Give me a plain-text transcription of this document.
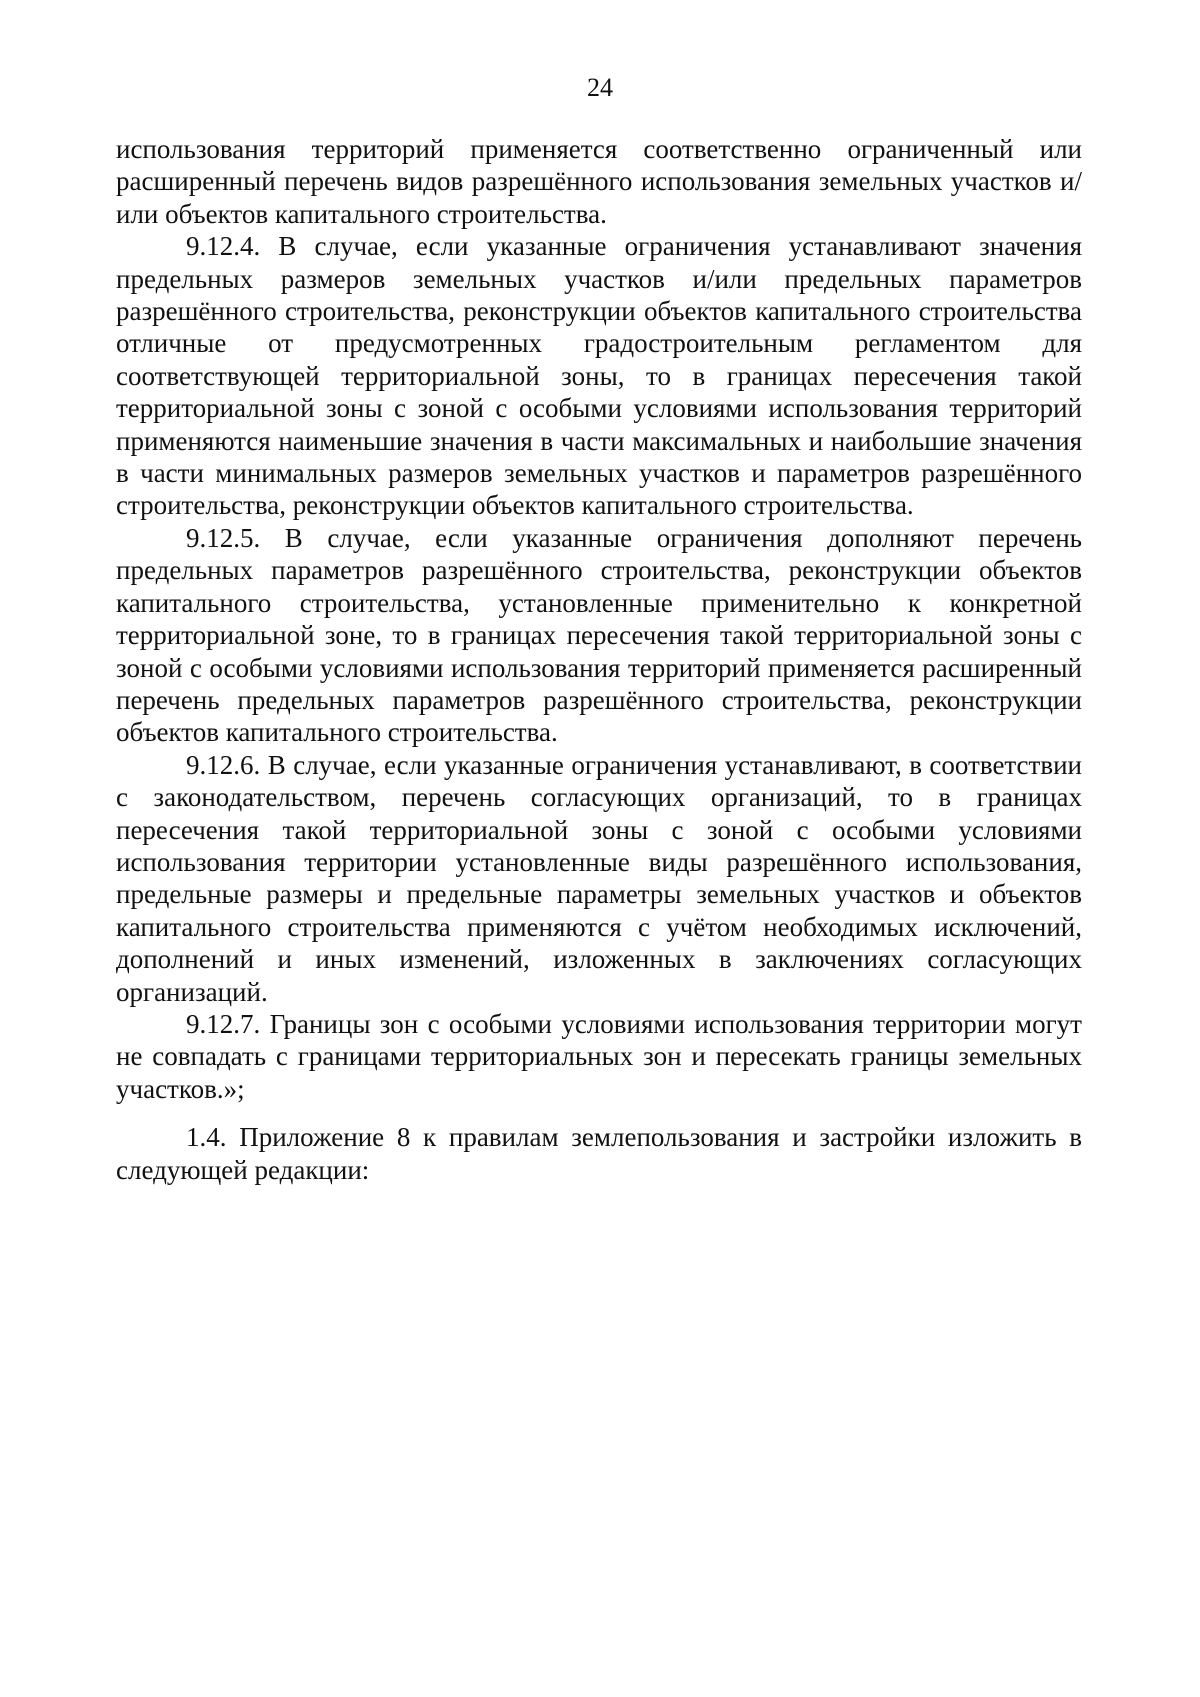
24

использования территорий применяется соответственно ограниченный или расширенный перечень видов разрешённого использования земельных участков и/или объектов капитального строительства.

9.12.4. В случае, если указанные ограничения устанавливают значения предельных размеров земельных участков и/или предельных параметров разрешённого строительства, реконструкции объектов капитального строительства отличные от предусмотренных градостроительным регламентом для соответствующей территориальной зоны, то в границах пересечения такой территориальной зоны с зоной с особыми условиями использования территорий применяются наименьшие значения в части максимальных и наибольшие значения в части минимальных размеров земельных участков и параметров разрешённого строительства, реконструкции объектов капитального строительства.

9.12.5. В случае, если указанные ограничения дополняют перечень предельных параметров разрешённого строительства, реконструкции объектов капитального строительства, установленные применительно к конкретной территориальной зоне, то в границах пересечения такой территориальной зоны с зоной с особыми условиями использования территорий применяется расширенный перечень предельных параметров разрешённого строительства, реконструкции объектов капитального строительства.

9.12.6. В случае, если указанные ограничения устанавливают, в соответствии с законодательством, перечень согласующих организаций, то в границах пересечения такой территориальной зоны с зоной с особыми условиями использования территории установленные виды разрешённого использования, предельные размеры и предельные параметры земельных участков и объектов капитального строительства применяются с учётом необходимых исключений, дополнений и иных изменений, изложенных в заключениях согласующих организаций.

9.12.7. Границы зон с особыми условиями использования территории могут не совпадать с границами территориальных зон и пересекать границы земельных участков.»;

1.4. Приложение 8 к правилам землепользования и застройки изложить в следующей редакции:
